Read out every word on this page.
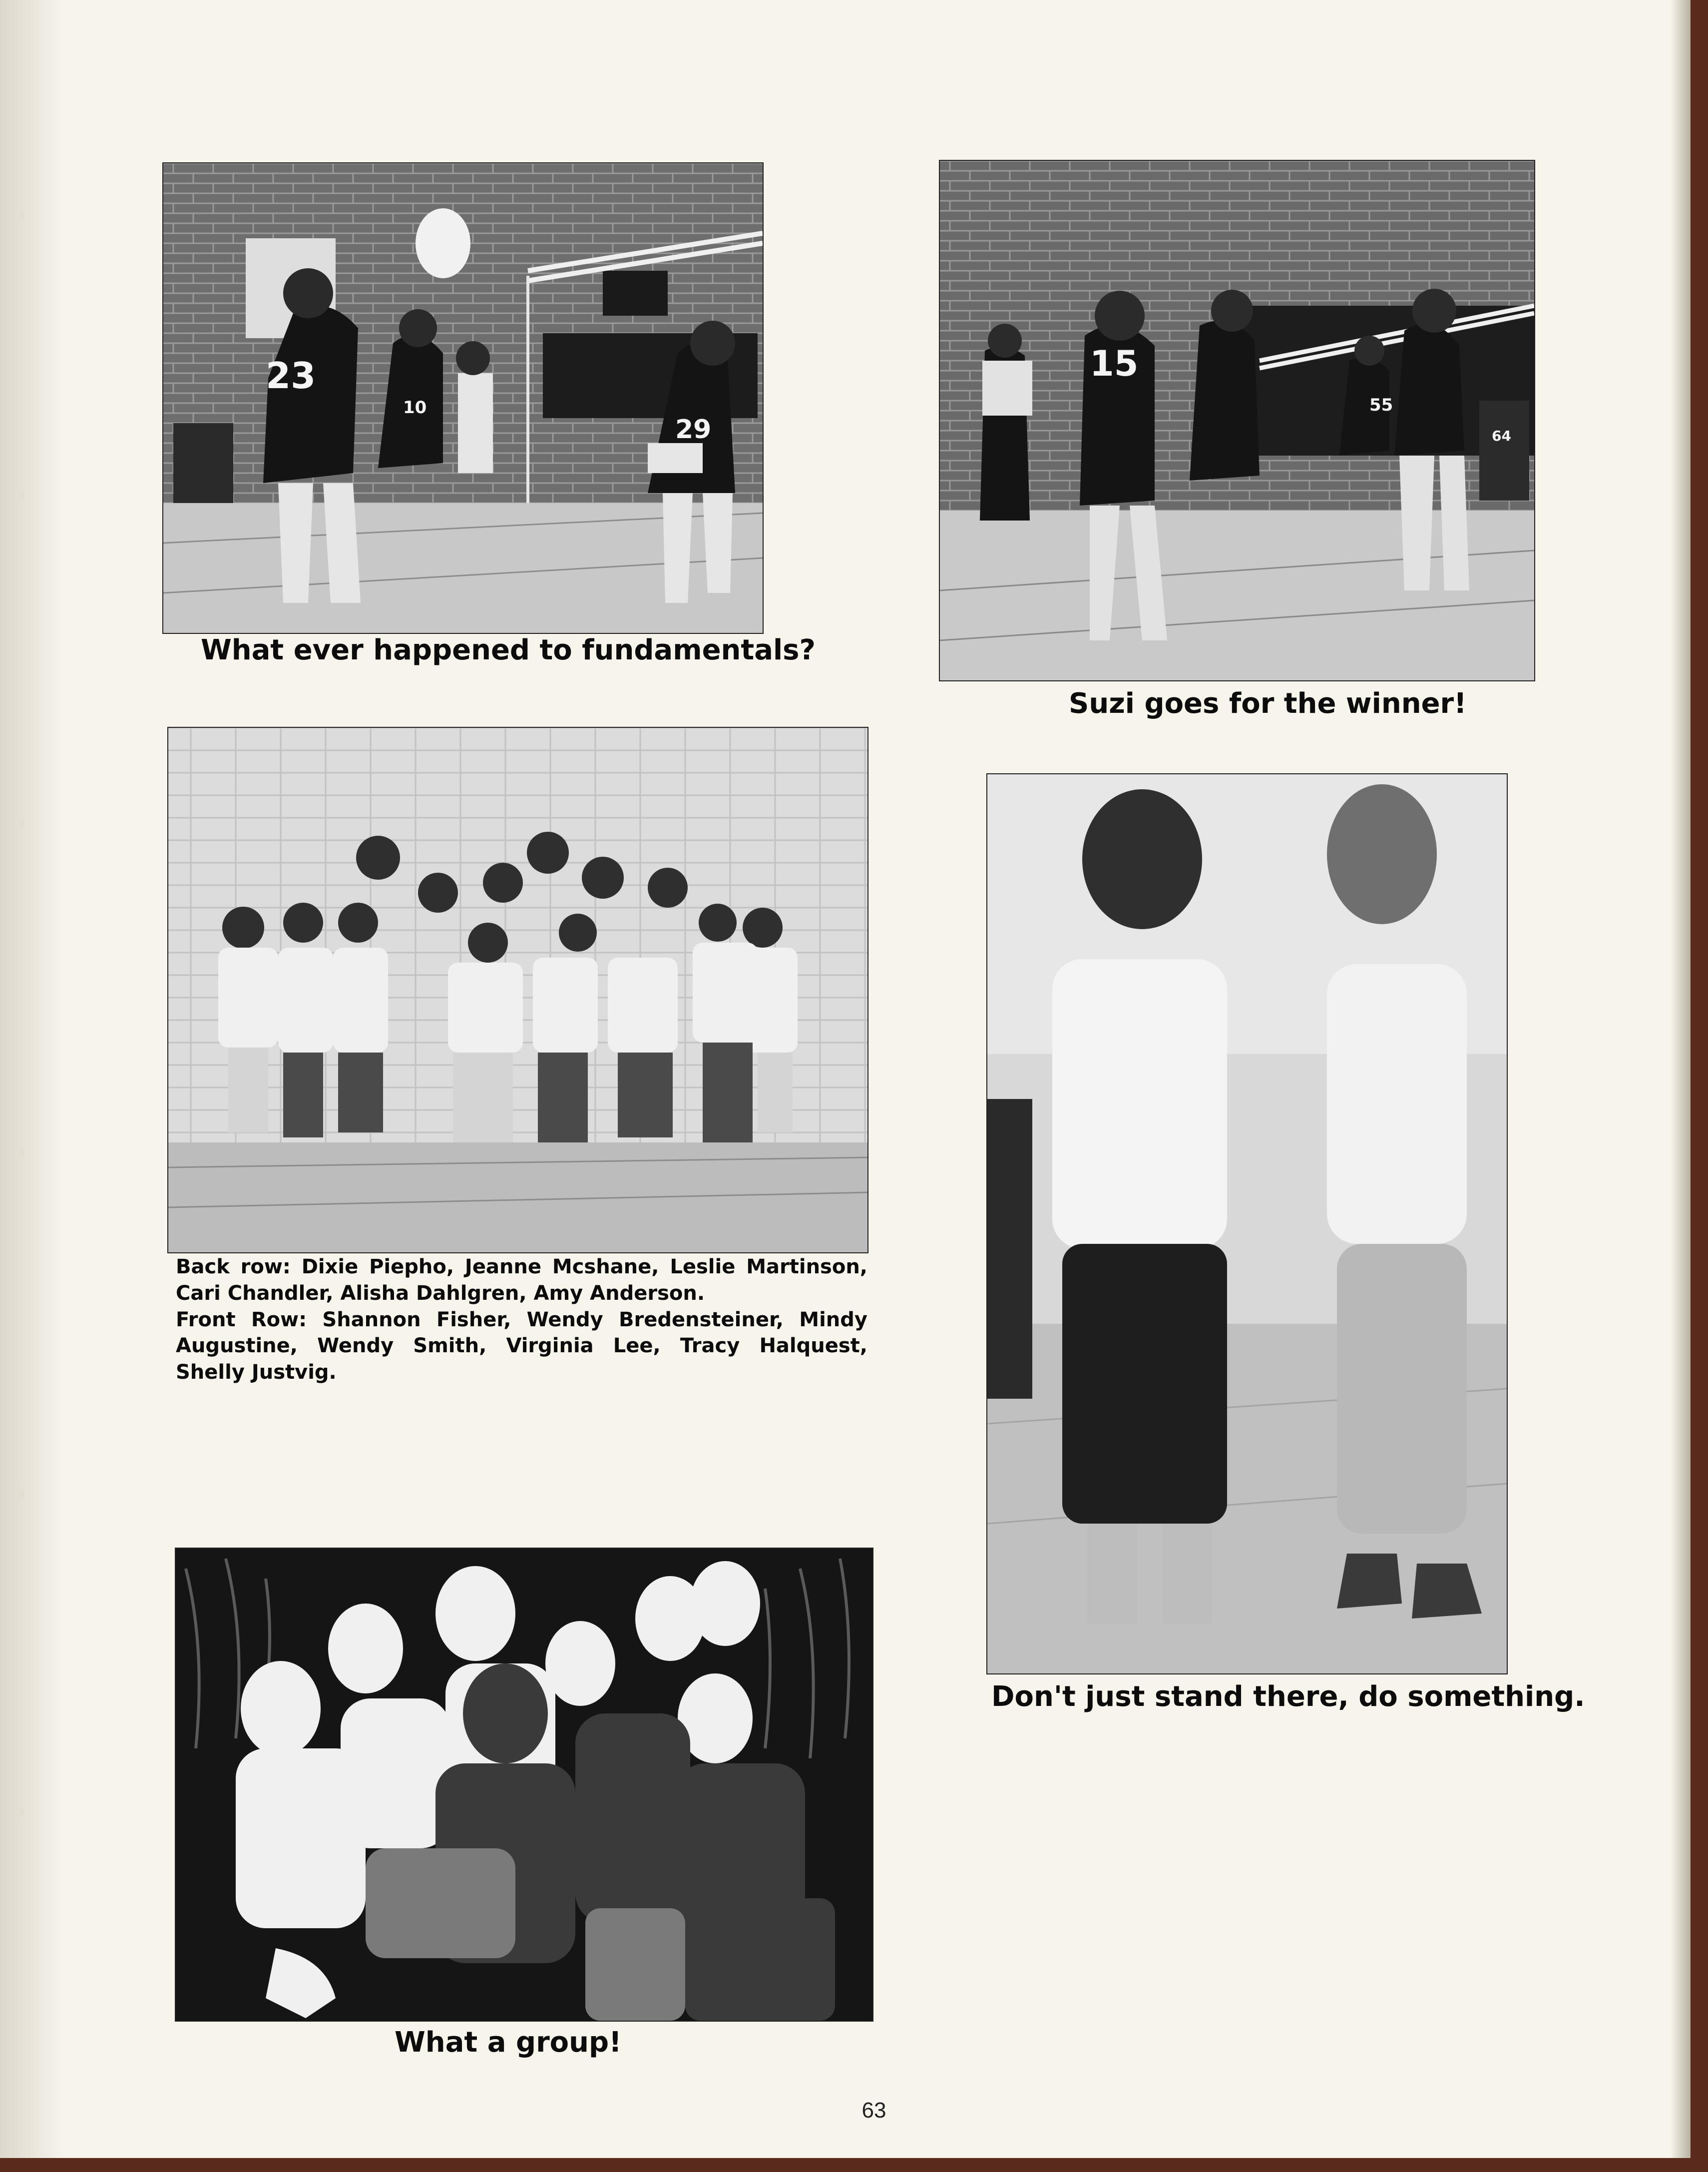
23
10
29

What ever happened to fundamentals?

15
55
64

Suzi goes for the winner!

Back row: Dixie Piepho, Jeanne Mcshane, Leslie Martinson, Cari Chandler, Alisha Dahlgren, Amy Anderson.

Front Row: Shannon Fisher, Wendy Bredensteiner, Mindy Augustine, Wendy Smith, Virginia Lee, Tracy Halquest, Shelly Justvig.

Don't just stand there, do something.

What a group!

63
